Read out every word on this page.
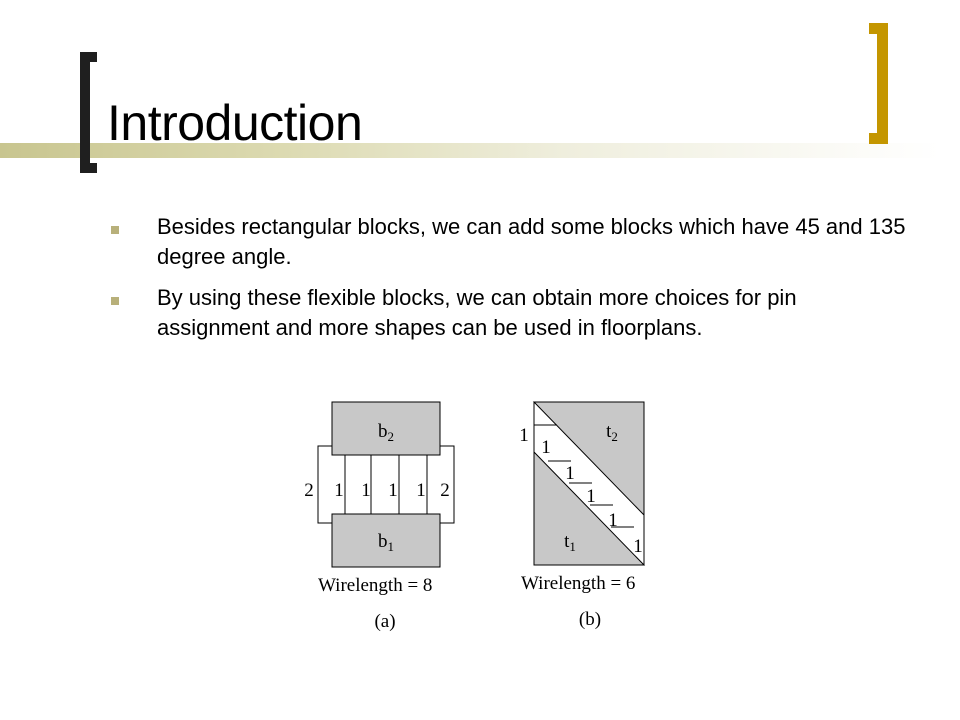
Introduction
Besides rectangular blocks, we can add some blocks which have 45 and 135 degree angle.
By using these flexible blocks, we can obtain more choices for pin assignment and more shapes can be used in floorplans.
$b_2$
$b_1$
2 1 1 1 1 2
Wirelength = 8
(a)
$t_2$
$t_1$
1
1
1
1
1
1
Wirelength = 6
(b)
